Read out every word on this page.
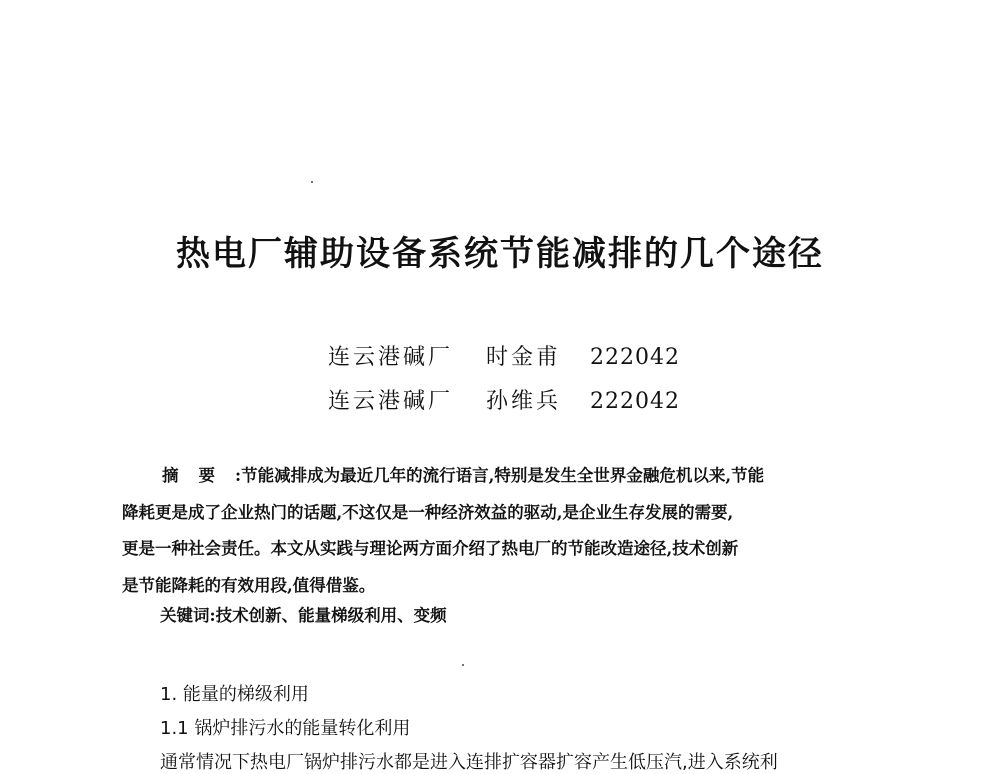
热电厂辅助设备系统节能减排的几个途径
连云港碱厂 时金甫 222042
连云港碱厂 孙维兵 222042
摘要:节能减排成为最近几年的流行语言,特别是发生全世界金融危机以来,节能
降耗更是成了企业热门的话题,不这仅是一种经济效益的驱动,是企业生存发展的需要,
更是一种社会责任。本文从实践与理论两方面介绍了热电厂的节能改造途径,技术创新
是节能降耗的有效用段,值得借鉴。
关键词:技术创新、能量梯级利用、变频
1. 能量的梯级利用
1.1 锅炉排污水的能量转化利用
通常情况下热电厂锅炉排污水都是进入连排扩容器扩容产生低压汽,进入系统利
